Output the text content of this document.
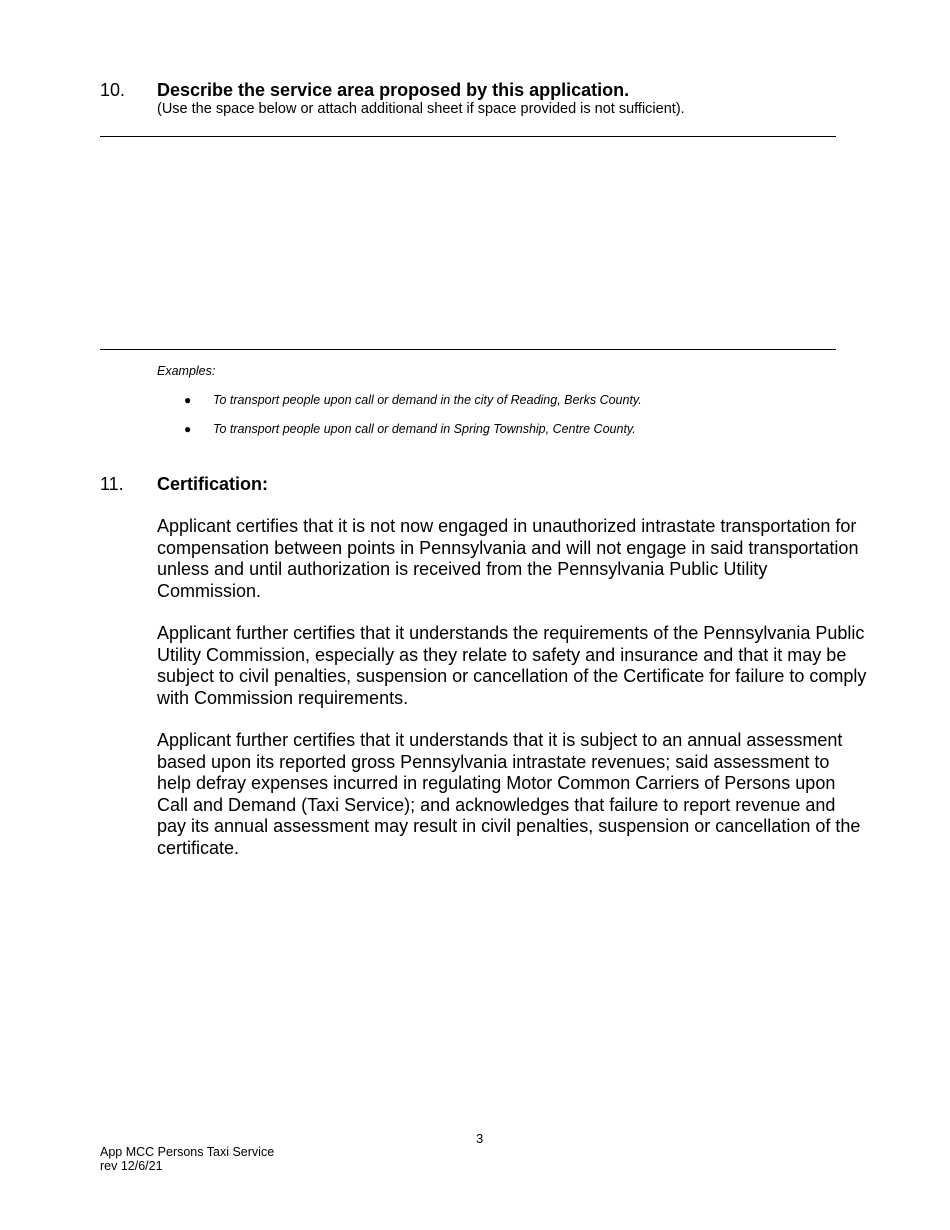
10. Describe the service area proposed by this application.
(Use the space below or attach additional sheet if space provided is not sufficient).
Examples:
● To transport people upon call or demand in the city of Reading, Berks County.
● To transport people upon call or demand in Spring Township, Centre County.
11. Certification:
Applicant certifies that it is not now engaged in unauthorized intrastate transportation for compensation between points in Pennsylvania and will not engage in said transportation unless and until authorization is received from the Pennsylvania Public Utility Commission.
Applicant further certifies that it understands the requirements of the Pennsylvania Public Utility Commission, especially as they relate to safety and insurance and that it may be subject to civil penalties, suspension or cancellation of the Certificate for failure to comply with Commission requirements.
Applicant further certifies that it understands that it is subject to an annual assessment based upon its reported gross Pennsylvania intrastate revenues; said assessment to help defray expenses incurred in regulating Motor Common Carriers of Persons upon Call and Demand (Taxi Service); and acknowledges that failure to report revenue and pay its annual assessment may result in civil penalties, suspension or cancellation of the certificate.
3
App MCC Persons Taxi Service
rev 12/6/21
